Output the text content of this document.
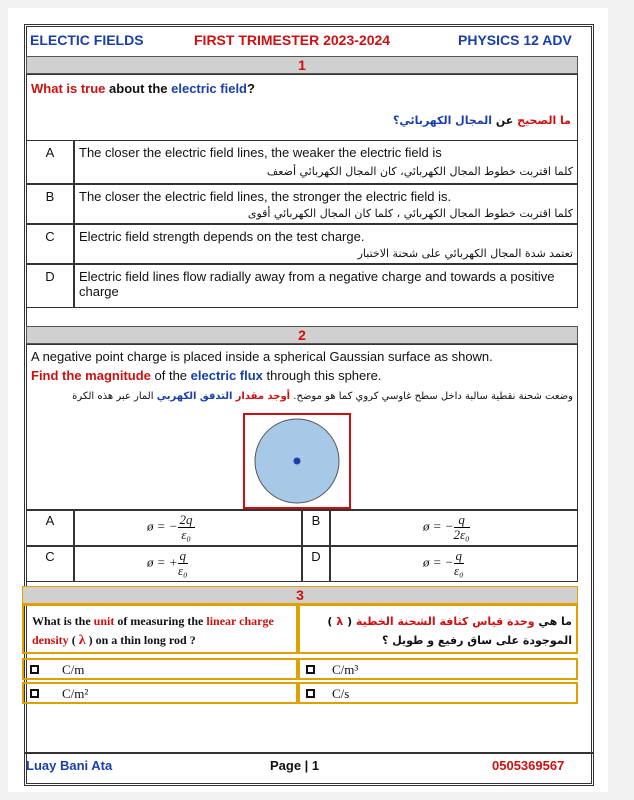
ELECTIC FIELDS	FIRST TRIMESTER 2023-2024	PHYSICS 12 ADV
1
What is true about the electric field?
ما الصحيح عن المجال الكهربائي؟
A	The closer the electric field lines, the weaker the electric field is
كلما اقتربت خطوط المجال الكهربائي، كان المجال الكهربائي أضعف
B	The closer the electric field lines, the stronger the electric field is.
كلما اقتربت خطوط المجال الكهربائي ، كلما كان المجال الكهربائي أقوى
C	Electric field strength depends on the test charge.
تعتمد شدة المجال الكهربائي على شحنة الاختبار
D	Electric field lines flow radially away from a negative charge and towards a positive charge
2
A negative point charge is placed inside a spherical Gaussian surface as shown.
Find the magnitude of the electric flux through this sphere.
وضعت شحنة نقطية سالبة داخل سطح غاوسي كروي كما هو موضح. أوجد مقدار التدفق الكهربي المار عبر هذه الكرة
A	ø = − $\frac{2q}{\text{ε₀}}$	B	ø = − $\frac{q}{\text{2ε₀}}$
C	ø = + $\frac{q}{\text{ε₀}}$	D	ø = − $\frac{q}{\text{ε₀}}$
3
What is the unit of measuring the linear charge density ( λ ) on a thin long rod ?
ما هي وحدة قياس كثافة الشحنة الخطية ( λ ) الموجودة على ساق رفيع و طويل ؟
C/m	C/m³
C/m²	C/s
Luay Bani Ata	Page | 1	0505369567
